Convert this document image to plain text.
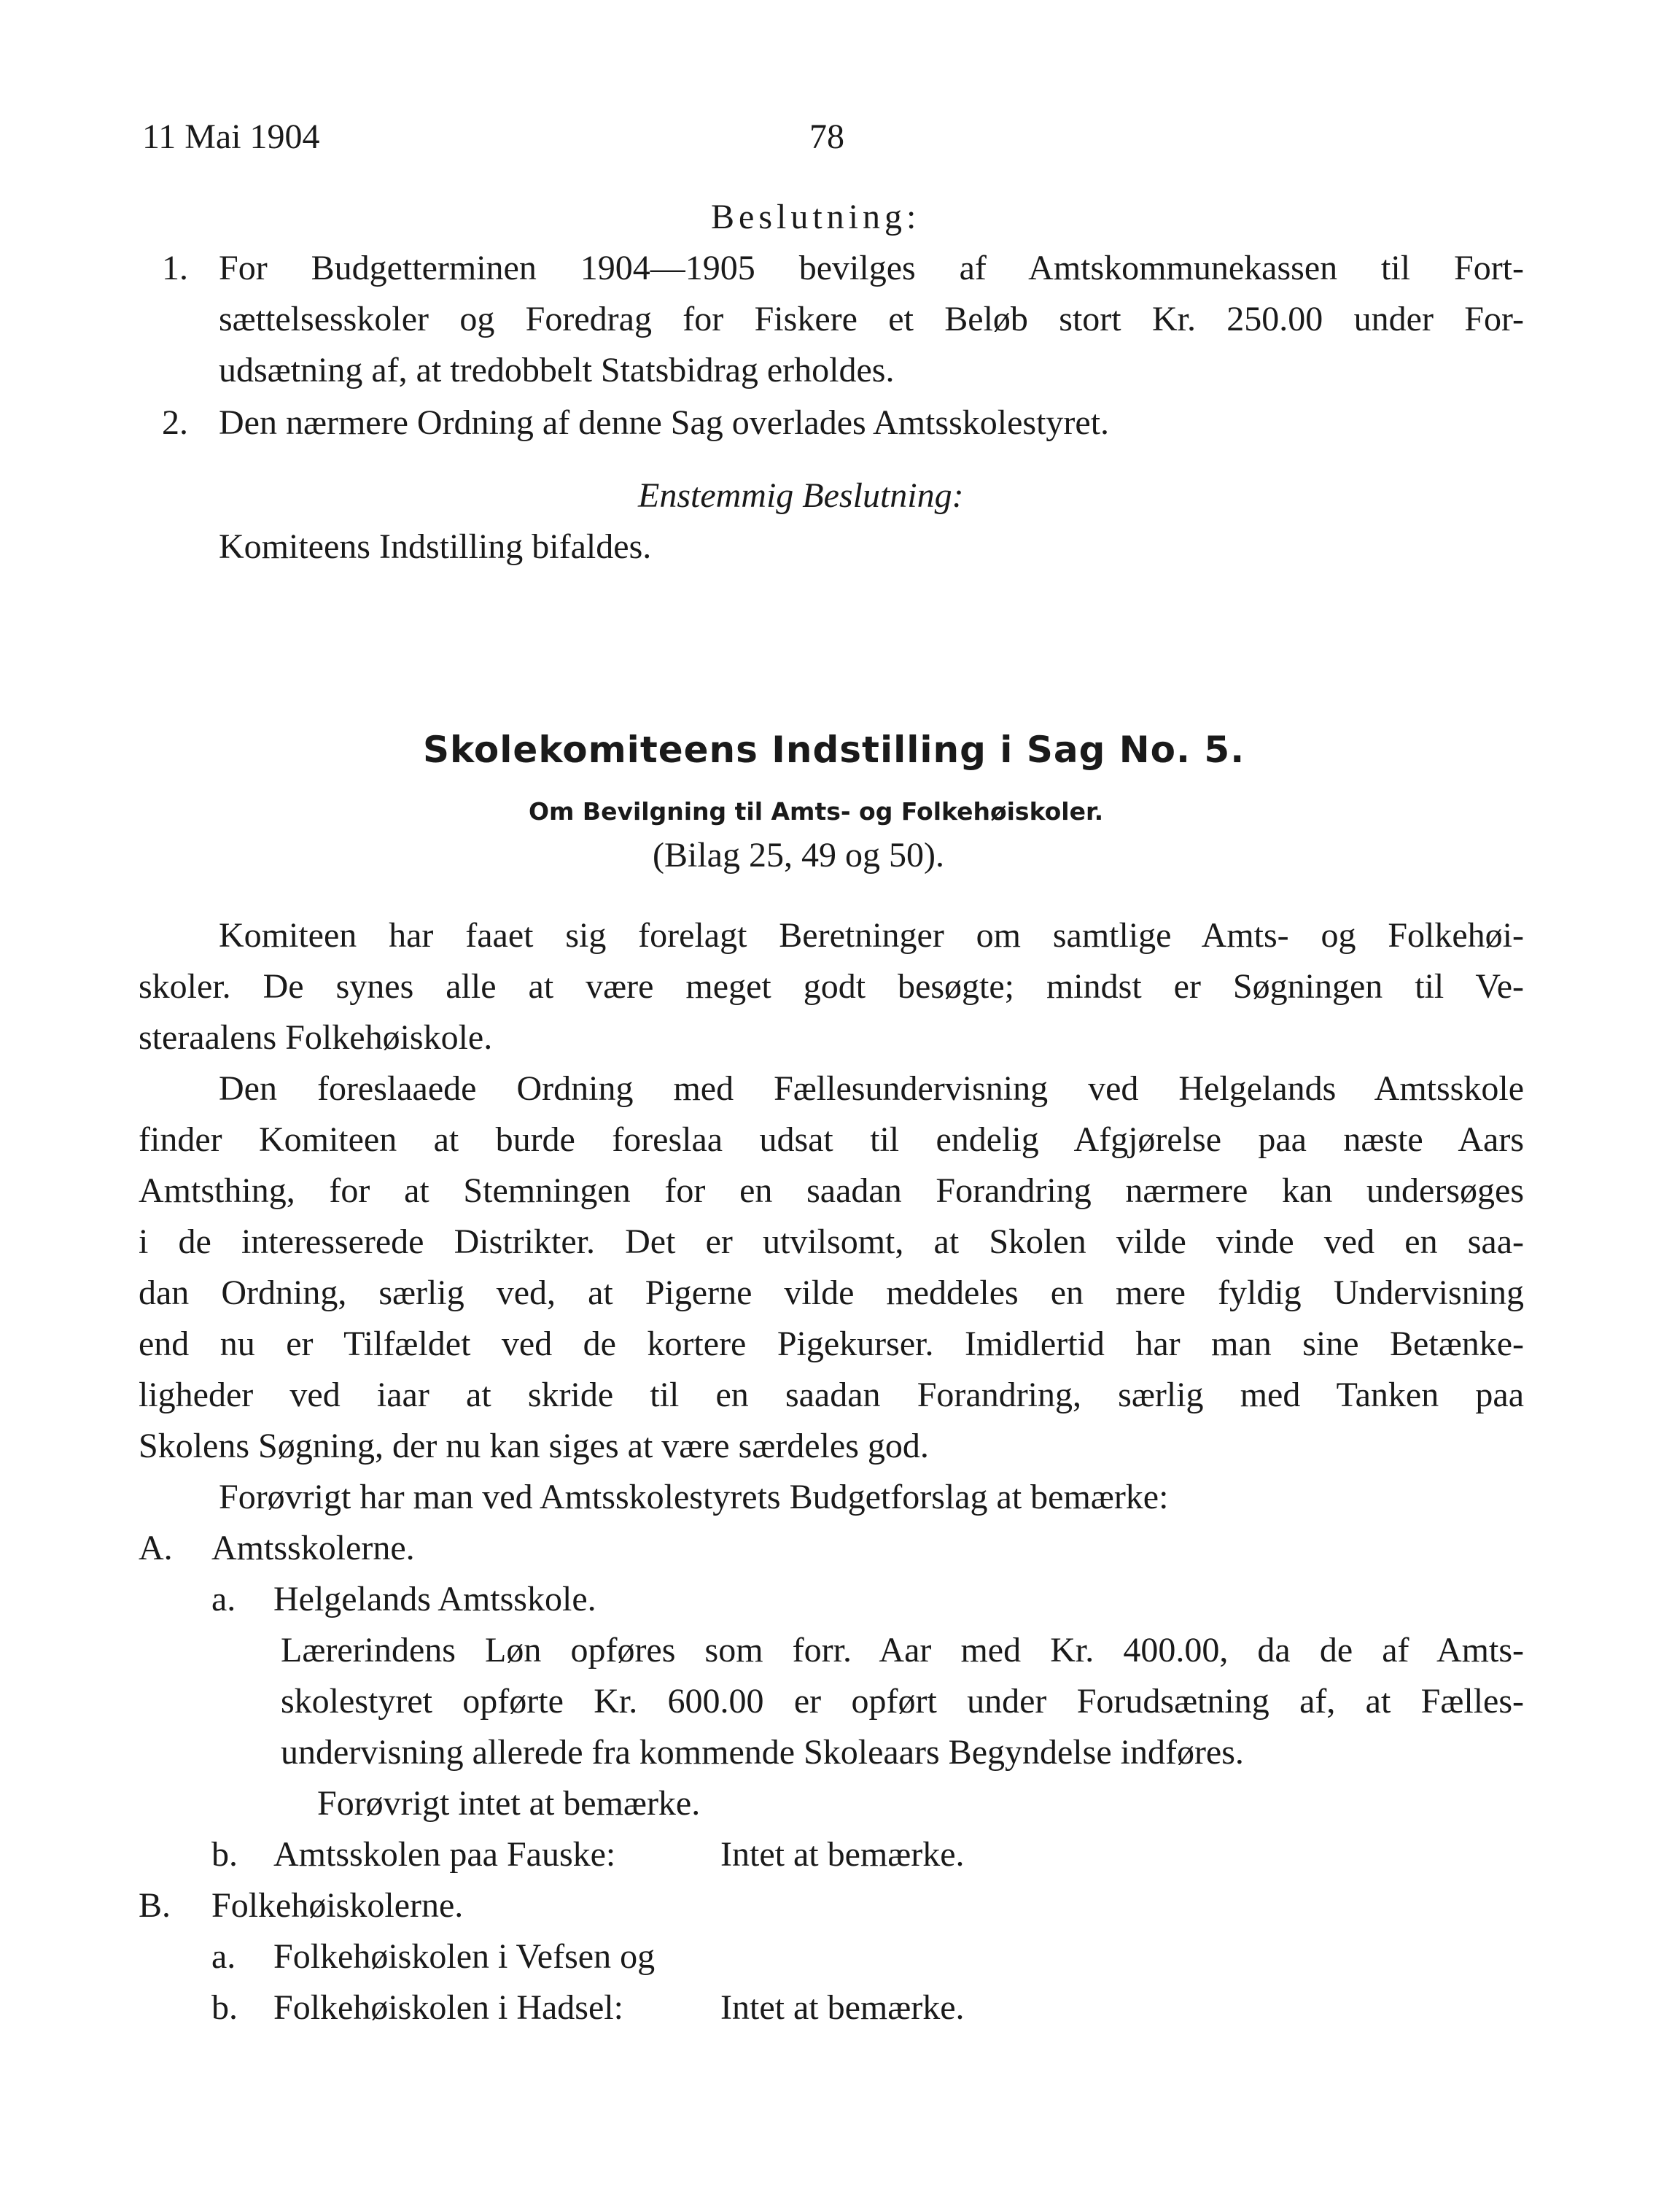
11 Mai 1904	78
Beslutning:
1. For Budgetterminen 1904—1905 bevilges af Amtskommunekassen til Fort-
sættelsesskoler og Foredrag for Fiskere et Beløb stort Kr. 250.00 under For-
udsætning af, at tredobbelt Statsbidrag erholdes.
2. Den nærmere Ordning af denne Sag overlades Amtsskolestyret.
Enstemmig Beslutning:
Komiteens Indstilling bifaldes.
Skolekomiteens Indstilling i Sag No. 5.
Om Bevilgning til Amts- og Folkehøiskoler.
(Bilag 25, 49 og 50).
Komiteen har faaet sig forelagt Beretninger om samtlige Amts- og Folkehøi-
skoler. De synes alle at være meget godt besøgte; mindst er Søgningen til Ve-
steraalens Folkehøiskole.
Den foreslaaede Ordning med Fællesundervisning ved Helgelands Amtsskole
finder Komiteen at burde foreslaa udsat til endelig Afgjørelse paa næste Aars
Amtsthing, for at Stemningen for en saadan Forandring nærmere kan undersøges
i de interesserede Distrikter. Det er utvilsomt, at Skolen vilde vinde ved en saa-
dan Ordning, særlig ved, at Pigerne vilde meddeles en mere fyldig Undervisning
end nu er Tilfældet ved de kortere Pigekurser. Imidlertid har man sine Betænke-
ligheder ved iaar at skride til en saadan Forandring, særlig med Tanken paa
Skolens Søgning, der nu kan siges at være særdeles god.
Forøvrigt har man ved Amtsskolestyrets Budgetforslag at bemærke:
A. Amtsskolerne.
a. Helgelands Amtsskole.
Lærerindens Løn opføres som forr. Aar med Kr. 400.00, da de af Amts-
skolestyret opførte Kr. 600.00 er opført under Forudsætning af, at Fælles-
undervisning allerede fra kommende Skoleaars Begyndelse indføres.
Forøvrigt intet at bemærke.
b. Amtsskolen paa Fauske:	Intet at bemærke.
B. Folkehøiskolerne.
a. Folkehøiskolen i Vefsen og
b. Folkehøiskolen i Hadsel:	Intet at bemærke.
